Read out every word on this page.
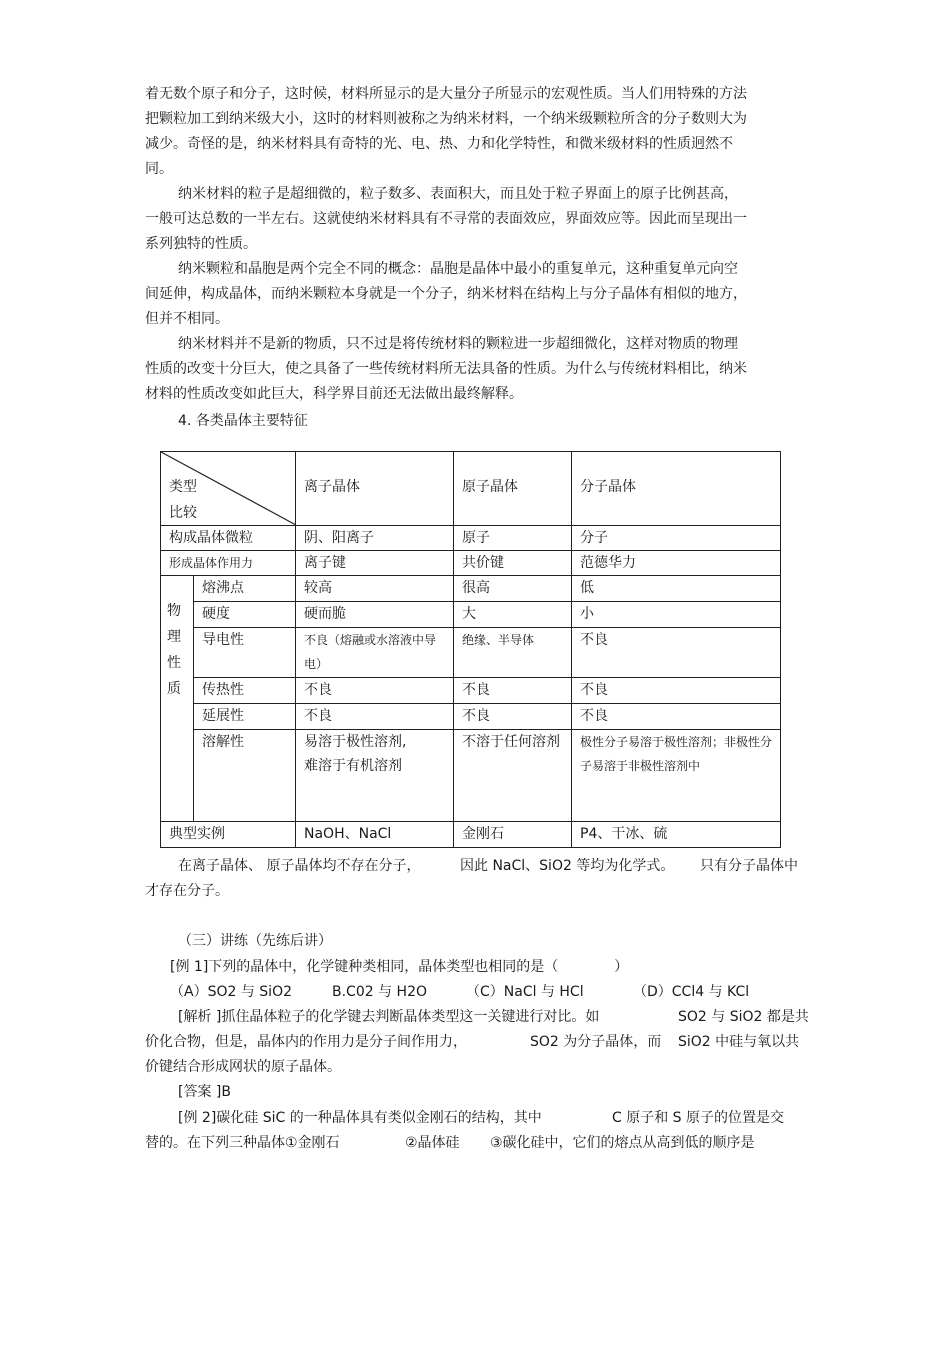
着无数个原子和分子，这时候，材料所显示的是大量分子所显示的宏观性质。当人们用特殊的方法把颗粒加工到纳米级大小，这时的材料则被称之为纳米材料，一个纳米级颗粒所含的分子数则大为减少。奇怪的是，纳米材料具有奇特的光、电、热、力和化学特性，和微米级材料的性质迥然不同。

纳米材料的粒子是超细微的，粒子数多、表面积大，而且处于粒子界面上的原子比例甚高，一般可达总数的一半左右。这就使纳米材料具有不寻常的表面效应，界面效应等。因此而呈现出一系列独特的性质。

纳米颗粒和晶胞是两个完全不同的概念：晶胞是晶体中最小的重复单元，这种重复单元向空间延伸，构成晶体，而纳米颗粒本身就是一个分子，纳米材料在结构上与分子晶体有相似的地方，但并不相同。

纳米材料并不是新的物质，只不过是将传统材料的颗粒进一步超细微化，这样对物质的物理性质的改变十分巨大，使之具备了一些传统材料所无法具备的性质。为什么与传统材料相比，纳米材料的性质改变如此巨大，科学界目前还无法做出最终解释。

4. 各类晶体主要特征

类型
比较		离子晶体	原子晶体	分子晶体
构成晶体微粒		阴、阳离子	原子	分子
形成晶体作用力		离子键	共价键	范德华力

物
理
性
质	熔沸点	较高	很高	低
	硬度	硬而脆	大	小
	导电性	不良（熔融或水溶液中导电）	绝缘、半导体	不良
	传热性	不良	不良	不良
	延展性	不良	不良	不良
	溶解性	易溶于极性溶剂,
难溶于有机溶剂	不溶于任何溶剂	极性分子易溶于极性溶剂；非极性分子易溶于非极性溶剂中
典型实例		NaOH、NaCl	金刚石	P4、干冰、硫

在离子晶体、 原子晶体均不存在分子，	因此 NaCl、SiO2 等均为化学式。 只有分子晶体中

才存在分子。

（三）讲练（先练后讲）

[例 1]下列的晶体中，化学键种类相同，晶体类型也相同的是（　　　　）

（A）SO2 与 SiO2	B.C02 与 H2O	（C）NaCl 与 HCl	（D）CCl4 与 KCl

[解析 ]抓住晶体粒子的化学键去判断晶体类型这一关键进行对比。如	SO2 与 SiO2 都是共

价化合物，但是，晶体内的作用力是分子间作用力，	SO2 为分子晶体，而 SiO2 中硅与氧以共

价键结合形成网状的原子晶体。

[答案 ]B

[例 2]碳化硅 SiC 的一种晶体具有类似金刚石的结构，其中	C 原子和 S 原子的位置是交

替的。在下列三种晶体①金刚石	②晶体硅 ③碳化硅中，它们的熔点从高到低的顺序是
